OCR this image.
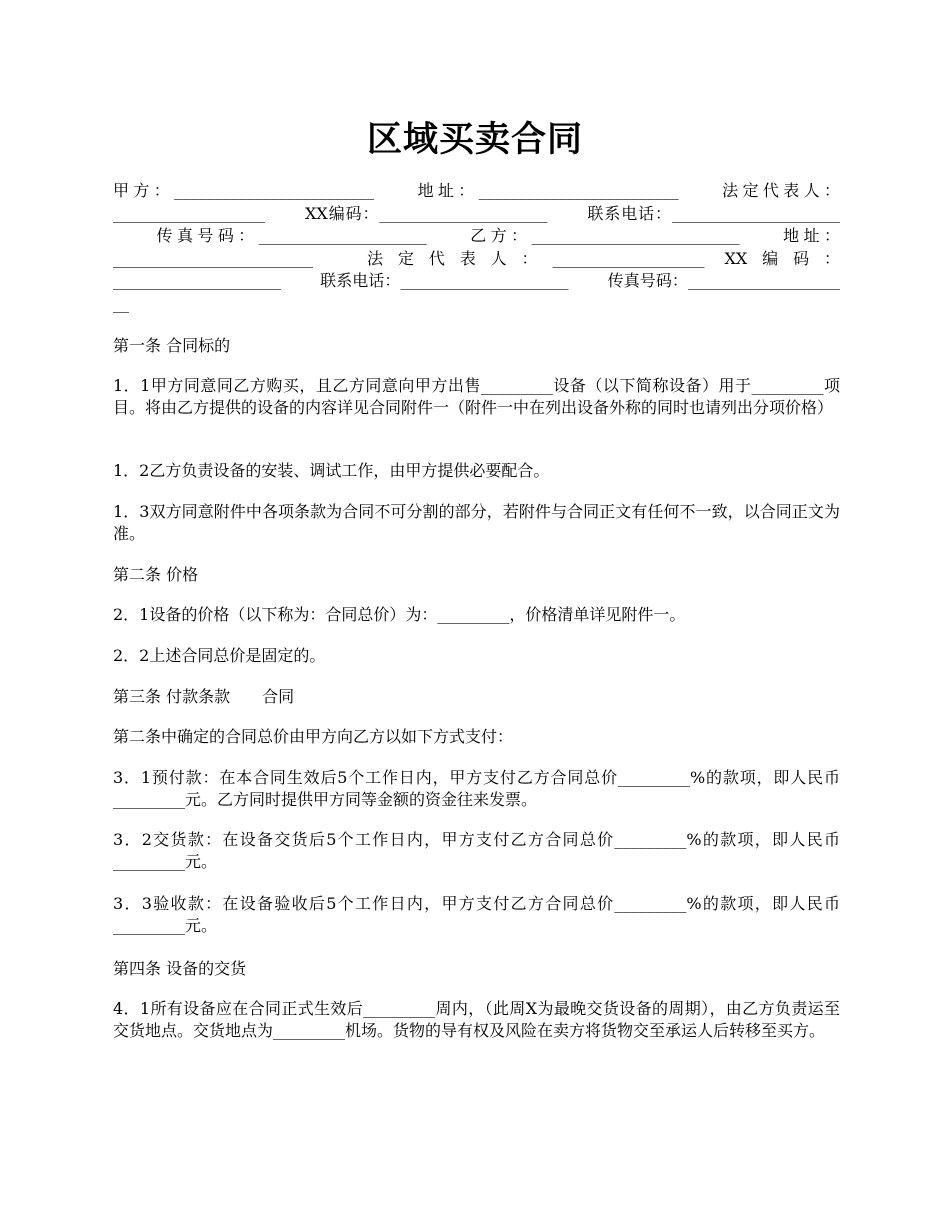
区域买卖合同
甲方：_________________________	地址：_________________________	法定代表人：___________________	XX编码：_____________________	联系电话：_____________________ 传真号码：_____________________	乙方：__________________________	地址：_________________________	法定代表人：___________________ XX编码：_____________________ 联系电话：_____________________ 传真号码：_____________________
第一条 合同标的
1．1甲方同意同乙方购买，且乙方同意向甲方出售_________设备（以下简称设备）用于_________项目。将由乙方提供的设备的内容详见合同附件一（附件一中在列出设备外称的同时也请列出分项价格）
1．2乙方负责设备的安装、调试工作，由甲方提供必要配合。
1．3双方同意附件中各项条款为合同不可分割的部分，若附件与合同正文有任何不一致，以合同正文为准。
第二条 价格
2．1设备的价格（以下称为：合同总价）为：_________，价格清单详见附件一。
2．2上述合同总价是固定的。
第三条 付款条款　　合同
第二条中确定的合同总价由甲方向乙方以如下方式支付：
3．1预付款：在本合同生效后5个工作日内，甲方支付乙方合同总价_________%的款项，即人民币_________元。乙方同时提供甲方同等金额的资金往来发票。
3．2交货款：在设备交货后5个工作日内，甲方支付乙方合同总价_________%的款项，即人民币_________元。
3．3验收款：在设备验收后5个工作日内，甲方支付乙方合同总价_________%的款项，即人民币_________元。
第四条 设备的交货
4．1所有设备应在合同正式生效后_________周内，（此周X为最晚交货设备的周期），由乙方负责运至交货地点。交货地点为_________机场。货物的导有权及风险在卖方将货物交至承运人后转移至买方。
